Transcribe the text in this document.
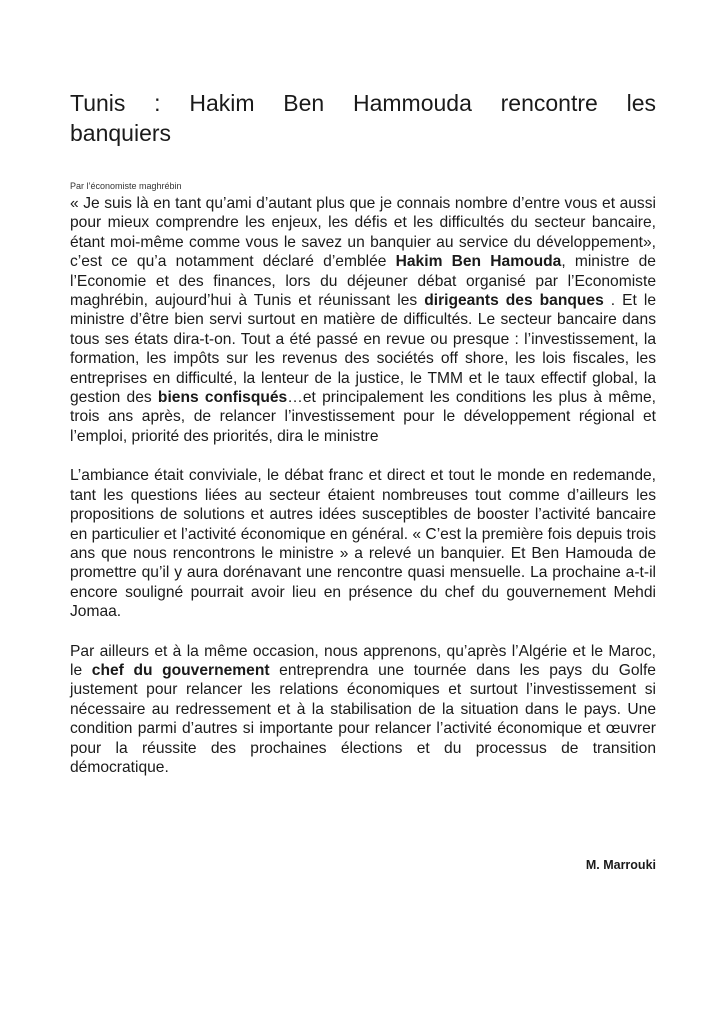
Tunis : Hakim Ben Hammouda rencontre les
banquiers
Par l’économiste maghrébin

« Je suis là en tant qu’ami d’autant plus que je connais nombre d’entre vous et aussi pour mieux comprendre les enjeux, les défis et les difficultés du secteur bancaire, étant moi-même comme vous le savez un banquier au service du développement», c’est ce qu’a notamment déclaré d’emblée Hakim Ben Hamouda, ministre de l’Economie et des finances, lors du déjeuner débat organisé par l’Economiste maghrébin, aujourd’hui à Tunis et réunissant les dirigeants des banques . Et le ministre d’être bien servi surtout en matière de difficultés. Le secteur bancaire dans tous ses états dira-t-on. Tout a été passé en revue ou presque : l’investissement, la formation, les impôts sur les revenus des sociétés off shore, les lois fiscales, les entreprises en difficulté, la lenteur de la justice, le TMM et le taux effectif global, la gestion des biens confisqués…et principalement les conditions les plus à même, trois ans après, de relancer l’investissement pour le développement régional et l’emploi, priorité des priorités, dira le ministre

L’ambiance était conviviale, le débat franc et direct et tout le monde en redemande, tant les questions liées au secteur étaient nombreuses tout comme d’ailleurs les propositions de solutions et autres idées susceptibles de booster l’activité bancaire en particulier et l’activité économique en général. « C’est la première fois depuis trois ans que nous rencontrons le ministre » a relevé un banquier. Et Ben Hamouda de promettre qu’il y aura dorénavant une rencontre quasi mensuelle. La prochaine a-t-il encore souligné pourrait avoir lieu en présence du chef du gouvernement Mehdi Jomaa.

Par ailleurs et à la même occasion, nous apprenons, qu’après l’Algérie et le Maroc, le chef du gouvernement entreprendra une tournée dans les pays du Golfe justement pour relancer les relations économiques et surtout l’investissement si nécessaire au redressement et à la stabilisation de la situation dans le pays. Une condition parmi d’autres si importante pour relancer l’activité économique et œuvrer pour la réussite des prochaines élections et du processus de transition démocratique.

M. Marrouki
